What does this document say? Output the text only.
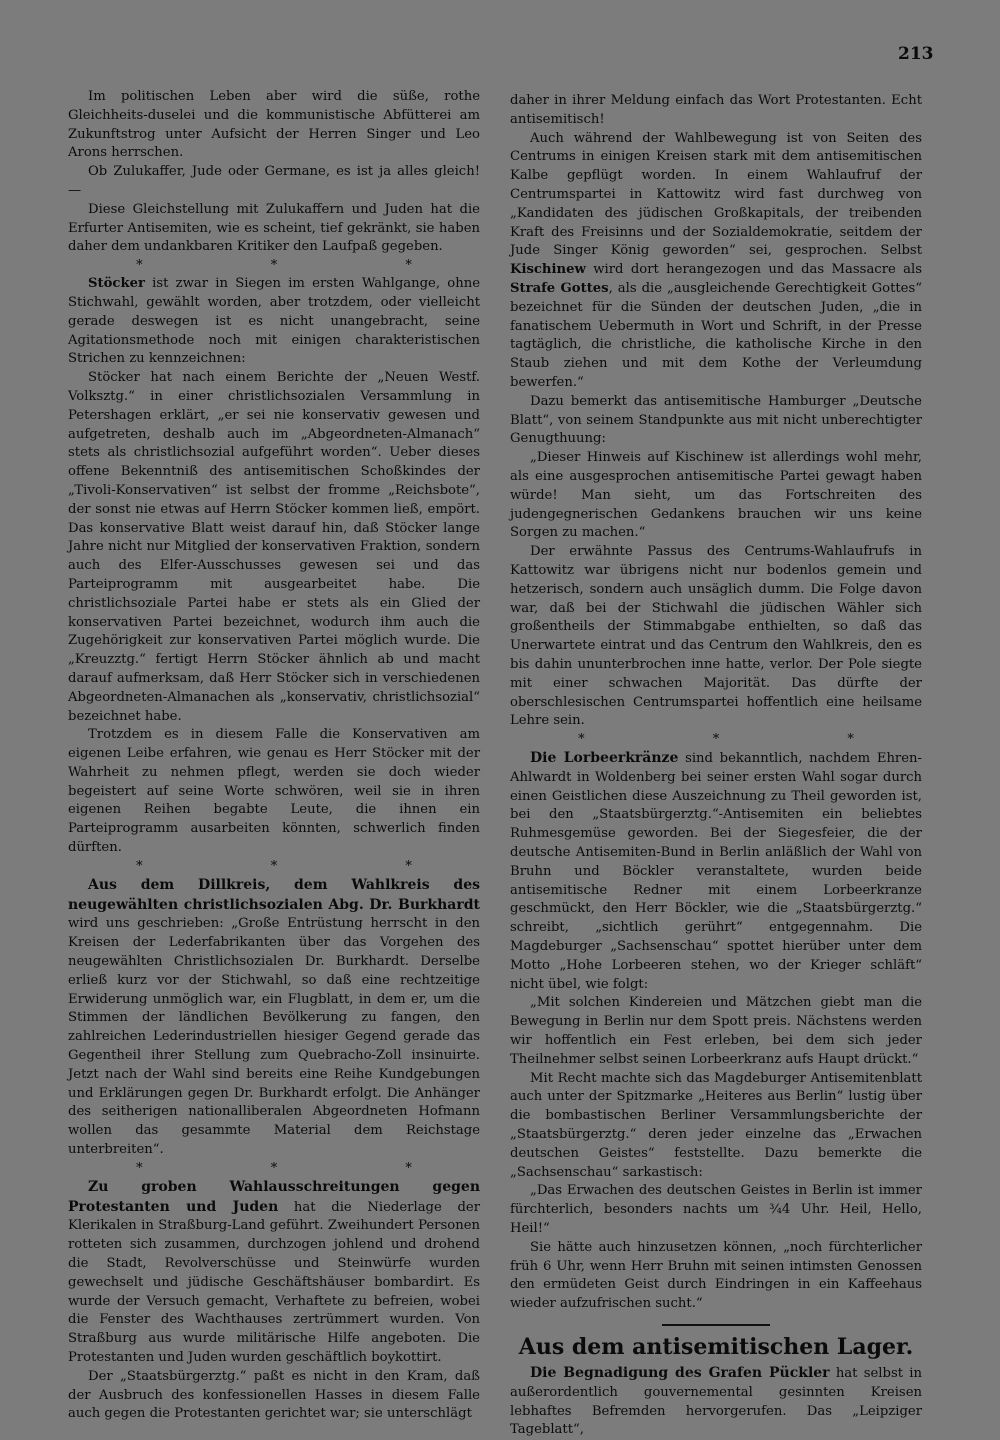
213

Im politischen Leben aber wird die süße, rothe Gleichheits-duselei und die kommunistische Abfütterei am Zukunftstrog unter Aufsicht der Herren Singer und Leo Arons herrschen.

Ob Zulukaffer, Jude oder Germane, es ist ja alles gleich! —

Diese Gleichstellung mit Zulukaffern und Juden hat die Erfurter Antisemiten, wie es scheint, tief gekränkt, sie haben daher dem undankbaren Kritiker den Laufpaß gegeben.

* * *

Stöcker ist zwar in Siegen im ersten Wahlgange, ohne Stichwahl, gewählt worden, aber trotzdem, oder vielleicht gerade deswegen ist es nicht unangebracht, seine Agitationsmethode noch mit einigen charakteristischen Strichen zu kennzeichnen:

Stöcker hat nach einem Berichte der „Neuen Westf. Volksztg.“ in einer christlichsozialen Versammlung in Petershagen erklärt, „er sei nie konservativ gewesen und aufgetreten, deshalb auch im „Abgeordneten-Almanach“ stets als christlichsozial aufgeführt worden“. Ueber dieses offene Bekenntniß des antisemitischen Schoßkindes der „Tivoli-Konservativen“ ist selbst der fromme „Reichsbote“, der sonst nie etwas auf Herrn Stöcker kommen ließ, empört. Das konservative Blatt weist darauf hin, daß Stöcker lange Jahre nicht nur Mitglied der konservativen Fraktion, sondern auch des Elfer-Ausschusses gewesen sei und das Parteiprogramm mit ausgearbeitet habe. Die christlichsoziale Partei habe er stets als ein Glied der konservativen Partei bezeichnet, wodurch ihm auch die Zugehörigkeit zur konservativen Partei möglich wurde. Die „Kreuzztg.“ fertigt Herrn Stöcker ähnlich ab und macht darauf aufmerksam, daß Herr Stöcker sich in verschiedenen Abgeordneten-Almanachen als „konservativ, christlichsozial“ bezeichnet habe.

Trotzdem es in diesem Falle die Konservativen am eigenen Leibe erfahren, wie genau es Herr Stöcker mit der Wahrheit zu nehmen pflegt, werden sie doch wieder begeistert auf seine Worte schwören, weil sie in ihren eigenen Reihen begabte Leute, die ihnen ein Parteiprogramm ausarbeiten könnten, schwerlich finden dürften.

* * *

Aus dem Dillkreis, dem Wahlkreis des neugewählten christlichsozialen Abg. Dr. Burkhardt wird uns geschrieben: „Große Entrüstung herrscht in den Kreisen der Lederfabrikanten über das Vorgehen des neugewählten Christlichsozialen Dr. Burkhardt. Derselbe erließ kurz vor der Stichwahl, so daß eine rechtzeitige Erwiderung unmöglich war, ein Flugblatt, in dem er, um die Stimmen der ländlichen Bevölkerung zu fangen, den zahlreichen Lederindustriellen hiesiger Gegend gerade das Gegentheil ihrer Stellung zum Quebracho-Zoll insinuirte. Jetzt nach der Wahl sind bereits eine Reihe Kundgebungen und Erklärungen gegen Dr. Burkhardt erfolgt. Die Anhänger des seitherigen nationalliberalen Abgeordneten Hofmann wollen das gesammte Material dem Reichstage unterbreiten“.

* * *

Zu groben Wahlausschreitungen gegen Protestanten und Juden hat die Niederlage der Klerikalen in Straßburg-Land geführt. Zweihundert Personen rotteten sich zusammen, durchzogen johlend und drohend die Stadt, Revolverschüsse und Steinwürfe wurden gewechselt und jüdische Geschäftshäuser bombardirt. Es wurde der Versuch gemacht, Verhaftete zu befreien, wobei die Fenster des Wachthauses zertrümmert wurden. Von Straßburg aus wurde militärische Hilfe angeboten. Die Protestanten und Juden wurden geschäftlich boykottirt.

Der „Staatsbürgerztg.“ paßt es nicht in den Kram, daß der Ausbruch des konfessionellen Hasses in diesem Falle auch gegen die Protestanten gerichtet war; sie unterschlägt

daher in ihrer Meldung einfach das Wort Protestanten. Echt antisemitisch!

Auch während der Wahlbewegung ist von Seiten des Centrums in einigen Kreisen stark mit dem antisemitischen Kalbe gepflügt worden. In einem Wahlaufruf der Centrumspartei in Kattowitz wird fast durchweg von „Kandidaten des jüdischen Großkapitals, der treibenden Kraft des Freisinns und der Sozialdemokratie, seitdem der Jude Singer König geworden“ sei, gesprochen. Selbst Kischinew wird dort herangezogen und das Massacre als Strafe Gottes, als die „ausgleichende Gerechtigkeit Gottes“ bezeichnet für die Sünden der deutschen Juden, „die in fanatischem Uebermuth in Wort und Schrift, in der Presse tagtäglich, die christliche, die katholische Kirche in den Staub ziehen und mit dem Kothe der Verleumdung bewerfen.“

Dazu bemerkt das antisemitische Hamburger „Deutsche Blatt“, von seinem Standpunkte aus mit nicht unberechtigter Genugthuung:

„Dieser Hinweis auf Kischinew ist allerdings wohl mehr, als eine ausgesprochen antisemitische Partei gewagt haben würde! Man sieht, um das Fortschreiten des judengegnerischen Gedankens brauchen wir uns keine Sorgen zu machen.“

Der erwähnte Passus des Centrums-Wahlaufrufs in Kattowitz war übrigens nicht nur bodenlos gemein und hetzerisch, sondern auch unsäglich dumm. Die Folge davon war, daß bei der Stichwahl die jüdischen Wähler sich großentheils der Stimmabgabe enthielten, so daß das Unerwartete eintrat und das Centrum den Wahlkreis, den es bis dahin ununterbrochen inne hatte, verlor. Der Pole siegte mit einer schwachen Majorität. Das dürfte der oberschlesischen Centrumspartei hoffentlich eine heilsame Lehre sein.

* * *

Die Lorbeerkränze sind bekanntlich, nachdem Ehren-Ahlwardt in Woldenberg bei seiner ersten Wahl sogar durch einen Geistlichen diese Auszeichnung zu Theil geworden ist, bei den „Staatsbürgerztg.“-Antisemiten ein beliebtes Ruhmesgemüse geworden. Bei der Siegesfeier, die der deutsche Antisemiten-Bund in Berlin anläßlich der Wahl von Bruhn und Böckler veranstaltete, wurden beide antisemitische Redner mit einem Lorbeerkranze geschmückt, den Herr Böckler, wie die „Staatsbürgerztg.“ schreibt, „sichtlich gerührt“ entgegennahm. Die Magdeburger „Sachsenschau“ spottet hierüber unter dem Motto „Hohe Lorbeeren stehen, wo der Krieger schläft“ nicht übel, wie folgt:

„Mit solchen Kindereien und Mätzchen giebt man die Bewegung in Berlin nur dem Spott preis. Nächstens werden wir hoffentlich ein Fest erleben, bei dem sich jeder Theilnehmer selbst seinen Lorbeerkranz aufs Haupt drückt.“

Mit Recht machte sich das Magdeburger Antisemitenblatt auch unter der Spitzmarke „Heiteres aus Berlin“ lustig über die bombastischen Berliner Versammlungsberichte der „Staatsbürgerztg.“ deren jeder einzelne das „Erwachen deutschen Geistes“ feststellte. Dazu bemerkte die „Sachsenschau“ sarkastisch:

„Das Erwachen des deutschen Geistes in Berlin ist immer fürchterlich, besonders nachts um ¾4 Uhr. Heil, Hello, Heil!“

Sie hätte auch hinzusetzen können, „noch fürchterlicher früh 6 Uhr, wenn Herr Bruhn mit seinen intimsten Genossen den ermüdeten Geist durch Eindringen in ein Kaffeehaus wieder aufzufrischen sucht.“

Aus dem antisemitischen Lager.

Die Begnadigung des Grafen Pückler hat selbst in außerordentlich gouvernemental gesinnten Kreisen lebhaftes Befremden hervorgerufen. Das „Leipziger Tageblatt“,
